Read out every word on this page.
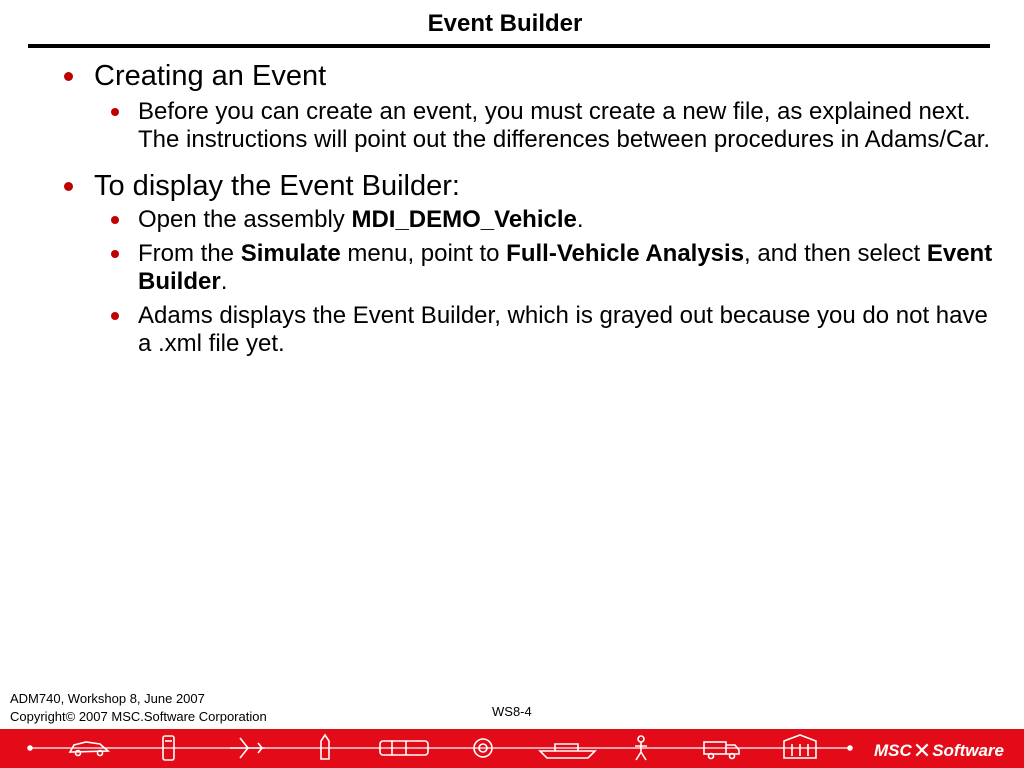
Event Builder
Creating an Event
Before you can create an event, you must create a new file, as explained next. The instructions will point out the differences between procedures in Adams/Car.
To display the Event Builder:
Open the assembly MDI_DEMO_Vehicle.
From the Simulate menu, point to Full-Vehicle Analysis, and then select Event Builder.
Adams displays the Event Builder, which is grayed out because you do not have a .xml file yet.
ADM740, Workshop 8, June 2007
Copyright© 2007 MSC.Software Corporation	WS8-4
MSC ✕ Software
